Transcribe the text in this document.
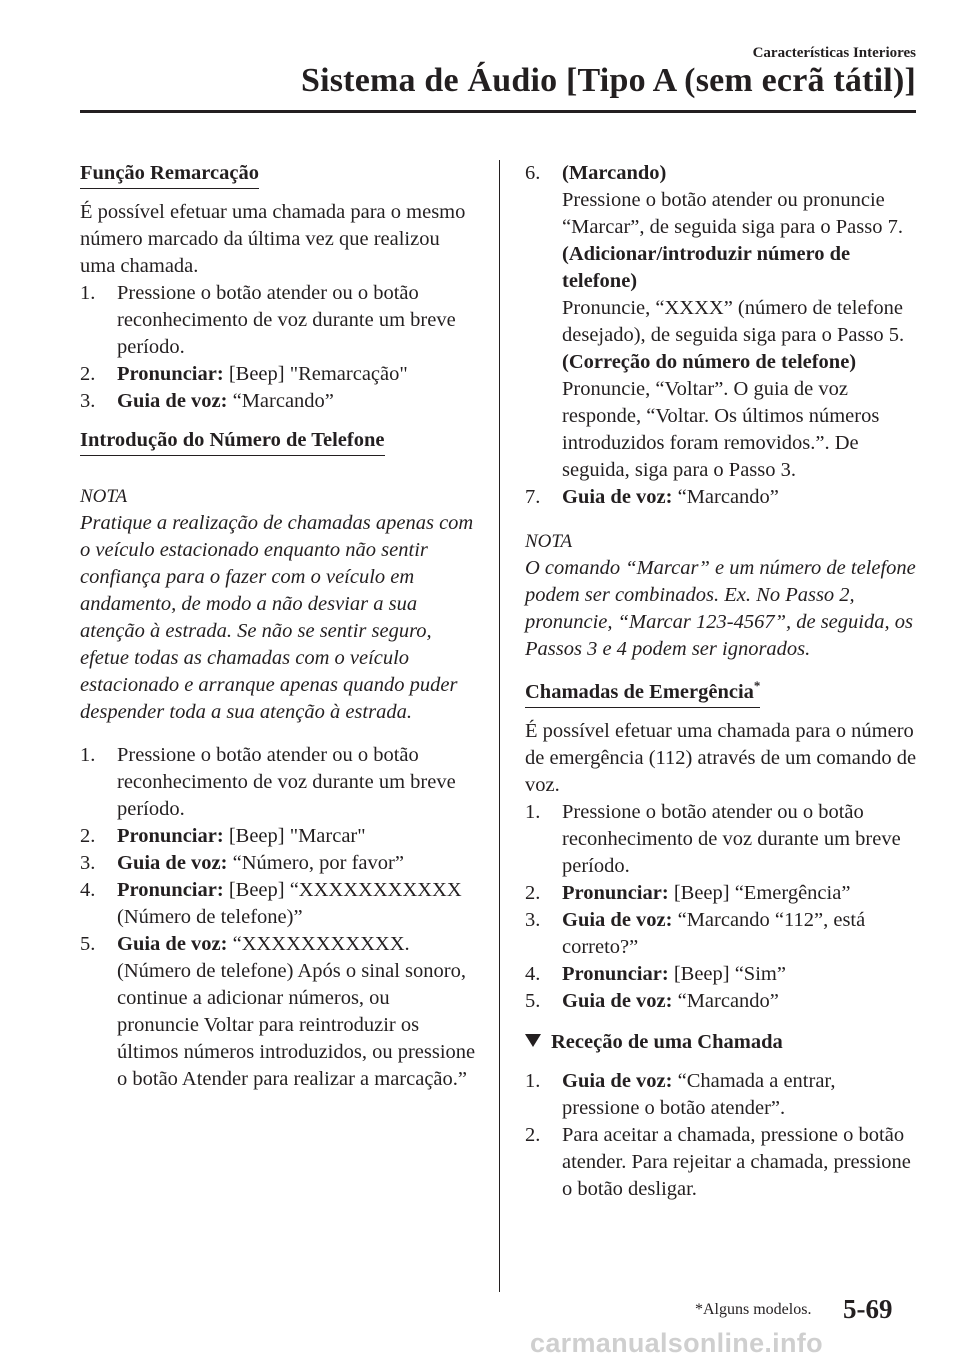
Características Interiores
Sistema de Áudio [Tipo A (sem ecrã tátil)]
Função Remarcação
É possível efetuar uma chamada para o mesmo número marcado da última vez que realizou uma chamada.
1. Pressione o botão atender ou o botão reconhecimento de voz durante um breve período.
2. Pronunciar: [Beep] "Remarcação"
3. Guia de voz: “Marcando”
Introdução do Número de Telefone
NOTA
Pratique a realização de chamadas apenas com o veículo estacionado enquanto não sentir confiança para o fazer com o veículo em andamento, de modo a não desviar a sua atenção à estrada. Se não se sentir seguro, efetue todas as chamadas com o veículo estacionado e arranque apenas quando puder despender toda a sua atenção à estrada.
1. Pressione o botão atender ou o botão reconhecimento de voz durante um breve período.
2. Pronunciar: [Beep] "Marcar"
3. Guia de voz: “Número, por favor”
4. Pronunciar: [Beep] “XXXXXXXXXXX (Número de telefone)”
5. Guia de voz: “XXXXXXXXXXX. (Número de telefone) Após o sinal sonoro, continue a adicionar números, ou pronuncie Voltar para reintroduzir os últimos números introduzidos, ou pressione o botão Atender para realizar a marcação.”
6. (Marcando)
Pressione o botão atender ou pronuncie “Marcar”, de seguida siga para o Passo 7.
(Adicionar/introduzir número de telefone)
Pronuncie, “XXXX” (número de telefone desejado), de seguida siga para o Passo 5.
(Correção do número de telefone)
Pronuncie, “Voltar”. O guia de voz responde, “Voltar. Os últimos números introduzidos foram removidos.”. De seguida, siga para o Passo 3.
7. Guia de voz: “Marcando”
NOTA
O comando “Marcar” e um número de telefone podem ser combinados. Ex. No Passo 2, pronuncie, “Marcar 123-4567”, de seguida, os Passos 3 e 4 podem ser ignorados.
Chamadas de Emergência*
É possível efetuar uma chamada para o número de emergência (112) através de um comando de voz.
1. Pressione o botão atender ou o botão reconhecimento de voz durante um breve período.
2. Pronunciar: [Beep] “Emergência”
3. Guia de voz: “Marcando “112”, está correto?”
4. Pronunciar: [Beep] “Sim”
5. Guia de voz: “Marcando”
Receção de uma Chamada
1. Guia de voz: “Chamada a entrar, pressione o botão atender”.
2. Para aceitar a chamada, pressione o botão atender. Para rejeitar a chamada, pressione o botão desligar.
*Alguns modelos. 5-69
carmanualsonline.info
